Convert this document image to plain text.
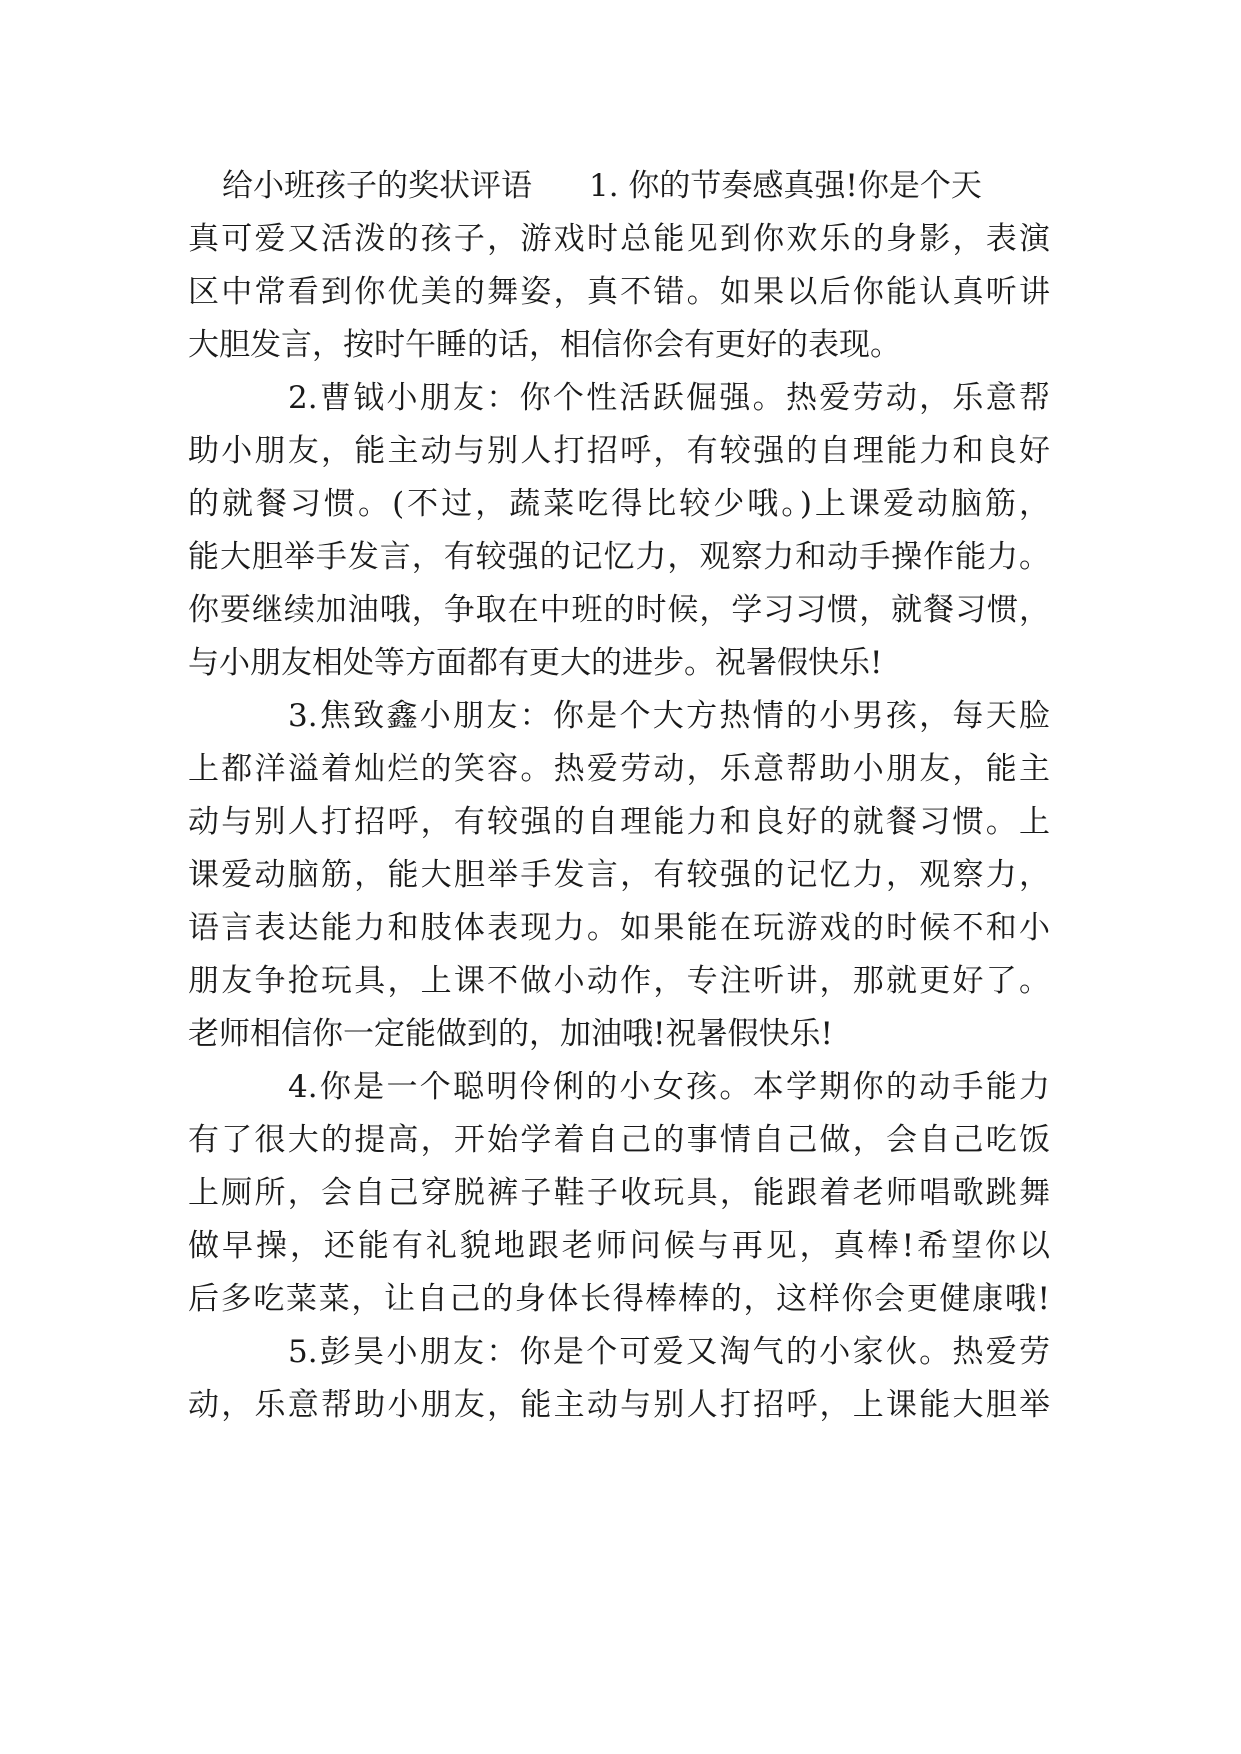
给小班孩子的奖状评语 1. 你的节奏感真强!你是个天
真可爱又活泼的孩子，游戏时总能见到你欢乐的身影，表演
区中常看到你优美的舞姿，真不错。如果以后你能认真听讲
大胆发言，按时午睡的话，相信你会有更好的表现。
2.曹钺小朋友：你个性活跃倔强。热爱劳动，乐意帮
助小朋友，能主动与别人打招呼，有较强的自理能力和良好
的就餐习惯。(不过，蔬菜吃得比较少哦。)上课爱动脑筋，
能大胆举手发言，有较强的记忆力，观察力和动手操作能力。
你要继续加油哦，争取在中班的时候，学习习惯，就餐习惯，
与小朋友相处等方面都有更大的进步。祝暑假快乐!
3.焦致鑫小朋友：你是个大方热情的小男孩，每天脸
上都洋溢着灿烂的笑容。热爱劳动，乐意帮助小朋友，能主
动与别人打招呼，有较强的自理能力和良好的就餐习惯。上
课爱动脑筋，能大胆举手发言，有较强的记忆力，观察力，
语言表达能力和肢体表现力。如果能在玩游戏的时候不和小
朋友争抢玩具，上课不做小动作，专注听讲，那就更好了。
老师相信你一定能做到的，加油哦!祝暑假快乐!
4.你是一个聪明伶俐的小女孩。本学期你的动手能力
有了很大的提高，开始学着自己的事情自己做，会自己吃饭
上厕所，会自己穿脱裤子鞋子收玩具，能跟着老师唱歌跳舞
做早操，还能有礼貌地跟老师问候与再见，真棒!希望你以
后多吃菜菜，让自己的身体长得棒棒的，这样你会更健康哦!
5.彭昊小朋友：你是个可爱又淘气的小家伙。热爱劳
动，乐意帮助小朋友，能主动与别人打招呼，上课能大胆举
